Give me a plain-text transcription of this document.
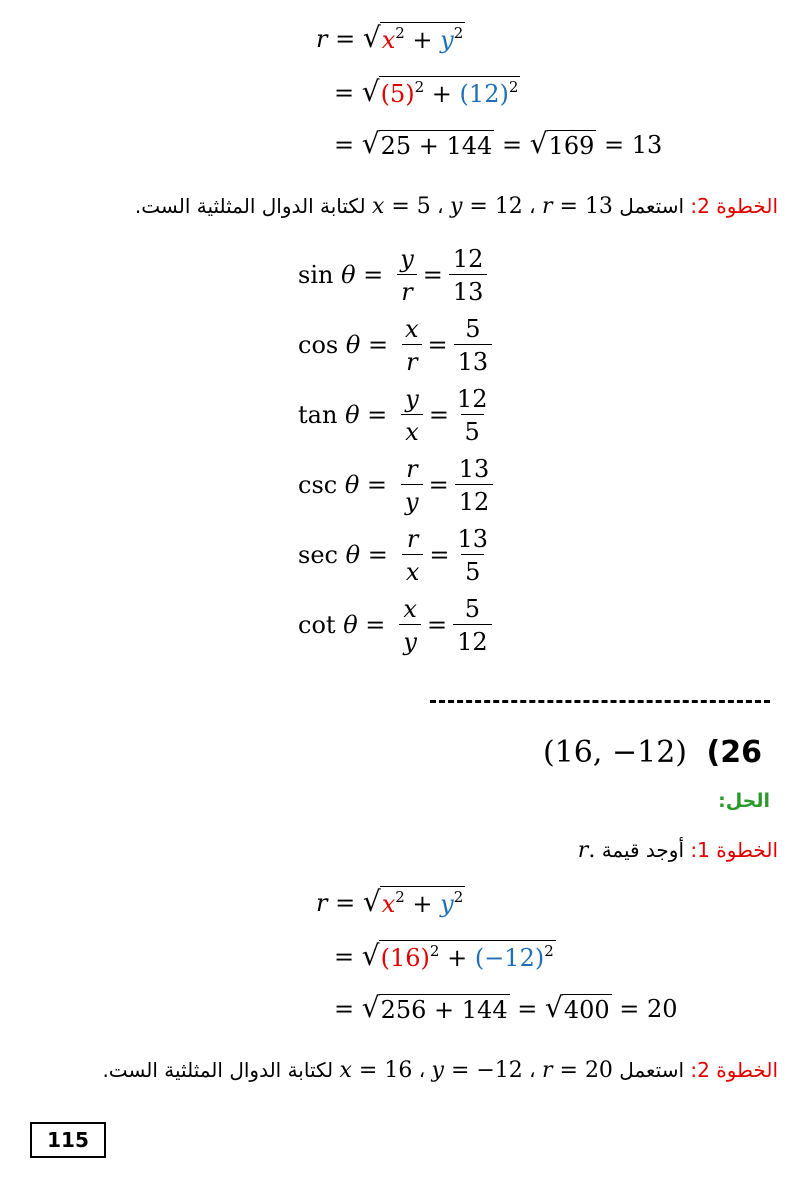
r = √ $x^2 + y^2$
= √ $(5)^2 + (12)^2$
= √ 25 + 144 = √ 169 = 13
الخطوة 2: استعمل r = 13 ، y = 12 ، x = 5 لكتابة الدوال المثلثية الست.
$\sin \theta = \frac{y}{r} = \frac{12}{13}$
$\cos \theta = \frac{x}{r} = \frac{5}{13}$
$\tan \theta = \frac{y}{x} = \frac{12}{5}$
$\csc \theta = \frac{r}{y} = \frac{13}{12}$
$\sec \theta = \frac{r}{x} = \frac{13}{5}$
$\cot \theta = \frac{x}{y} = \frac{5}{12}$
(16, −12) (26
الحل:
الخطوة 1: أوجد قيمة r.
r = √ $x^2 + y^2$
= √ $(16)^2 + (-12)^2$
= √ 256 + 144 = √ 400 = 20
الخطوة 2: استعمل r = 20 ، y = −12 ، x = 16 لكتابة الدوال المثلثية الست.
115
